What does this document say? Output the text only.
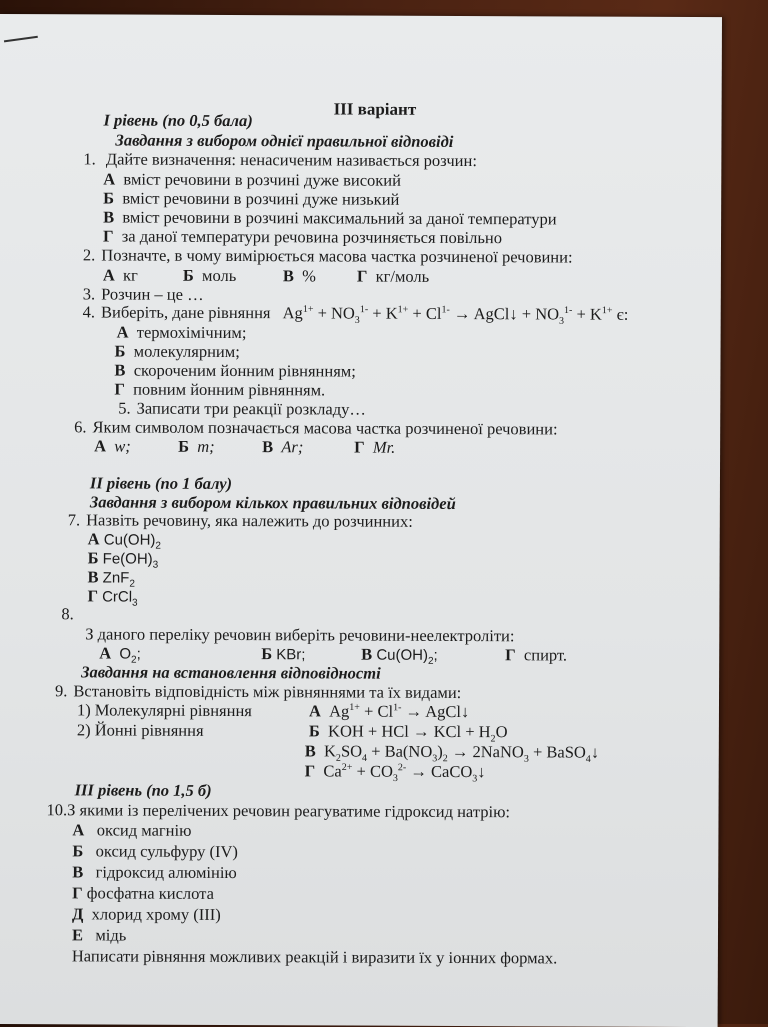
III варіант
І рівень (по 0,5 бала)
Завдання з вибором однієї правильної відповіді
1. Дайте визначення: ненасиченим називається розчин:
А вміст речовини в розчині дуже високий
Б вміст речовини в розчині дуже низький
В вміст речовини в розчині максимальний за даної температури
Г за даної температури речовина розчиняється повільно
2. Позначте, в чому вимірюється масова частка розчиненої речовини:
А кг	Б моль	В % Г кг/моль
3. Розчин – це …
4. Виберіть, дане рівняння $Ag^{1+} + NO_3^{1-} + K^{1+} + Cl^{1-}$ → AgCl↓ + $NO_3^{1-} + K^{1+}$ є:
А термохімічним;
Б молекулярним;
В скороченим йонним рівнянням;
Г повним йонним рівнянням.
5. Записати три реакції розкладу…
6. Яким символом позначається масова частка розчиненої речовини:
А w;	Б m;	В Ar;	Г Mr.
ІІ рівень (по 1 балу)
Завдання з вибором кількох правильних відповідей
7. Назвіть речовину, яка належить до розчинних:
А $Cu(OH)_2$
Б $Fe(OH)_3$
В ZnF$_2$
Г CrCl$_3$
8.
З даного переліку речовин виберіть речовини-неелектроліти:
А $O_2$;	Б KBr;	В $Cu(OH)_2$;	Г спирт.
Завдання на встановлення відповідності
9. Встановіть відповідність між рівняннями та їх видами:
1) Молекулярні рівняння
2) Йонні рівняння
А  $Ag^{1+} + Cl^{1-}$ → AgCl↓
Б  KOH + HCl → KCl + $H_2O$
В  $K_2SO_4 + Ba(NO_3)_2$ → 2NaNO$_3$ + BaSO$_4$↓
Г  $Ca^{2+} + CO_3^{2-}$ → CaCO$_3$↓
ІІІ рівень (по 1,5 б)
10.З якими із перелічених речовин реагуватиме гідроксид натрію:
А оксид магнію
Б оксид сульфуру (IV)
В гідроксид алюмінію
Г фосфатна кислота
Д хлорид хрому (ІІІ)
Е мідь
Написати рівняння можливих реакцій і виразити їх у іонних формах.
